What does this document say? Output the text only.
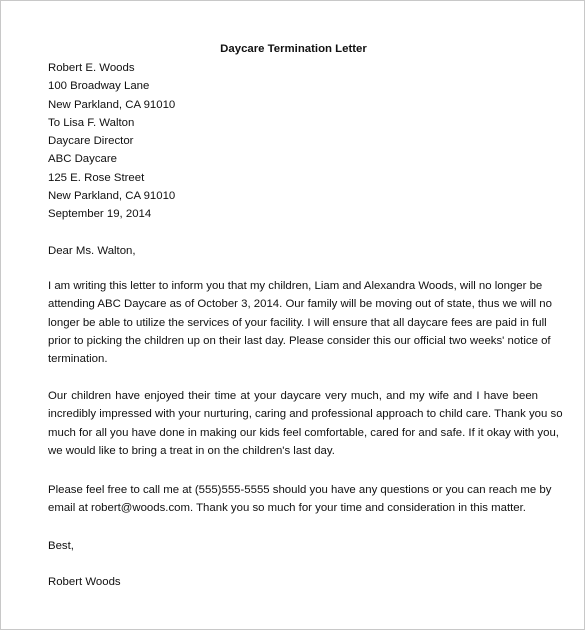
Daycare Termination Letter
Robert E. Woods
100 Broadway Lane
New Parkland, CA 91010
To Lisa F. Walton
Daycare Director
ABC Daycare
125 E. Rose Street
New Parkland, CA 91010
September 19, 2014
Dear Ms. Walton,
I am writing this letter to inform you that my children, Liam and Alexandra Woods, will no longer be
attending ABC Daycare as of October 3, 2014. Our family will be moving out of state, thus we will no
longer be able to utilize the services of your facility. I will ensure that all daycare fees are paid in full
prior to picking the children up on their last day. Please consider this our official two weeks' notice of
termination.
Our children have enjoyed their time at your daycare very much, and my wife and I have been
incredibly impressed with your nurturing, caring and professional approach to child care. Thank you so
much for all you have done in making our kids feel comfortable, cared for and safe. If it okay with you,
we would like to bring a treat in on the children's last day.
Please feel free to call me at (555)555-5555 should you have any questions or you can reach me by
email at robert@woods.com. Thank you so much for your time and consideration in this matter.
Best,
Robert Woods
